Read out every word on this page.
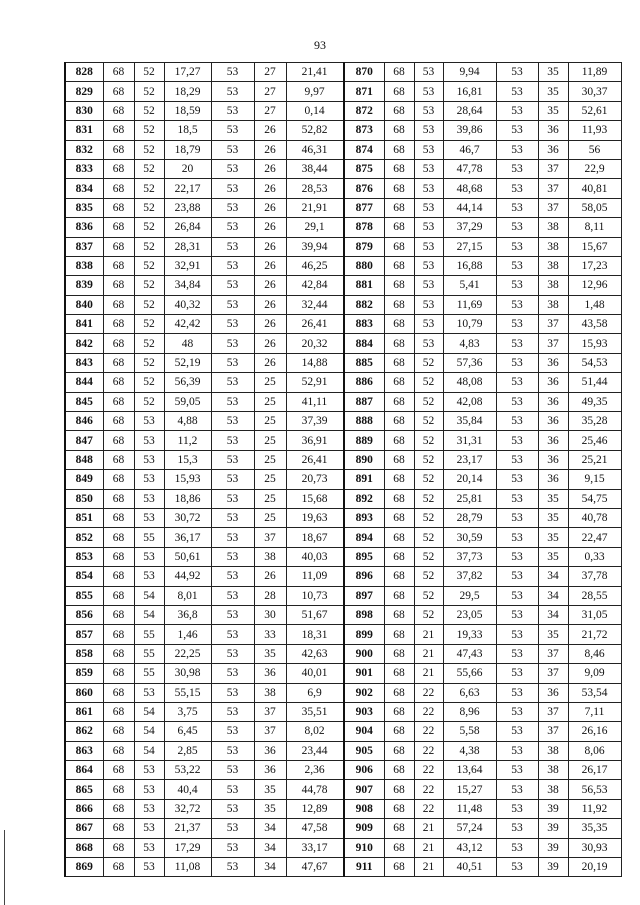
93
828	68	52	17,27	53	27	21,41
829	68	52	18,29	53	27	9,97
830	68	52	18,59	53	27	0,14
831	68	52	18,5	53	26	52,82
832	68	52	18,79	53	26	46,31
833	68	52	20	53	26	38,44
834	68	52	22,17	53	26	28,53
835	68	52	23,88	53	26	21,91
836	68	52	26,84	53	26	29,1
837	68	52	28,31	53	26	39,94
838	68	52	32,91	53	26	46,25
839	68	52	34,84	53	26	42,84
840	68	52	40,32	53	26	32,44
841	68	52	42,42	53	26	26,41
842	68	52	48	53	26	20,32
843	68	52	52,19	53	26	14,88
844	68	52	56,39	53	25	52,91
845	68	52	59,05	53	25	41,11
846	68	53	4,88	53	25	37,39
847	68	53	11,2	53	25	36,91
848	68	53	15,3	53	25	26,41
849	68	53	15,93	53	25	20,73
850	68	53	18,86	53	25	15,68
851	68	53	30,72	53	25	19,63
852	68	55	36,17	53	37	18,67
853	68	53	50,61	53	38	40,03
854	68	53	44,92	53	26	11,09
855	68	54	8,01	53	28	10,73
856	68	54	36,8	53	30	51,67
857	68	55	1,46	53	33	18,31
858	68	55	22,25	53	35	42,63
859	68	55	30,98	53	36	40,01
860	68	53	55,15	53	38	6,9
861	68	54	3,75	53	37	35,51
862	68	54	6,45	53	37	8,02
863	68	54	2,85	53	36	23,44
864	68	53	53,22	53	36	2,36
865	68	53	40,4	53	35	44,78
866	68	53	32,72	53	35	12,89
867	68	53	21,37	53	34	47,58
868	68	53	17,29	53	34	33,17
869	68	53	11,08	53	34	47,67
870	68	53	9,94	53	35	11,89
871	68	53	16,81	53	35	30,37
872	68	53	28,64	53	35	52,61
873	68	53	39,86	53	36	11,93
874	68	53	46,7	53	36	56
875	68	53	47,78	53	37	22,9
876	68	53	48,68	53	37	40,81
877	68	53	44,14	53	37	58,05
878	68	53	37,29	53	38	8,11
879	68	53	27,15	53	38	15,67
880	68	53	16,88	53	38	17,23
881	68	53	5,41	53	38	12,96
882	68	53	11,69	53	38	1,48
883	68	53	10,79	53	37	43,58
884	68	53	4,83	53	37	15,93
885	68	52	57,36	53	36	54,53
886	68	52	48,08	53	36	51,44
887	68	52	42,08	53	36	49,35
888	68	52	35,84	53	36	35,28
889	68	52	31,31	53	36	25,46
890	68	52	23,17	53	36	25,21
891	68	52	20,14	53	36	9,15
892	68	52	25,81	53	35	54,75
893	68	52	28,79	53	35	40,78
894	68	52	30,59	53	35	22,47
895	68	52	37,73	53	35	0,33
896	68	52	37,82	53	34	37,78
897	68	52	29,5	53	34	28,55
898	68	52	23,05	53	34	31,05
899	68	21	19,33	53	35	21,72
900	68	21	47,43	53	37	8,46
901	68	21	55,66	53	37	9,09
902	68	22	6,63	53	36	53,54
903	68	22	8,96	53	37	7,11
904	68	22	5,58	53	37	26,16
905	68	22	4,38	53	38	8,06
906	68	22	13,64	53	38	26,17
907	68	22	15,27	53	38	56,53
908	68	22	11,48	53	39	11,92
909	68	21	57,24	53	39	35,35
910	68	21	43,12	53	39	30,93
911	68	21	40,51	53	39	20,19
